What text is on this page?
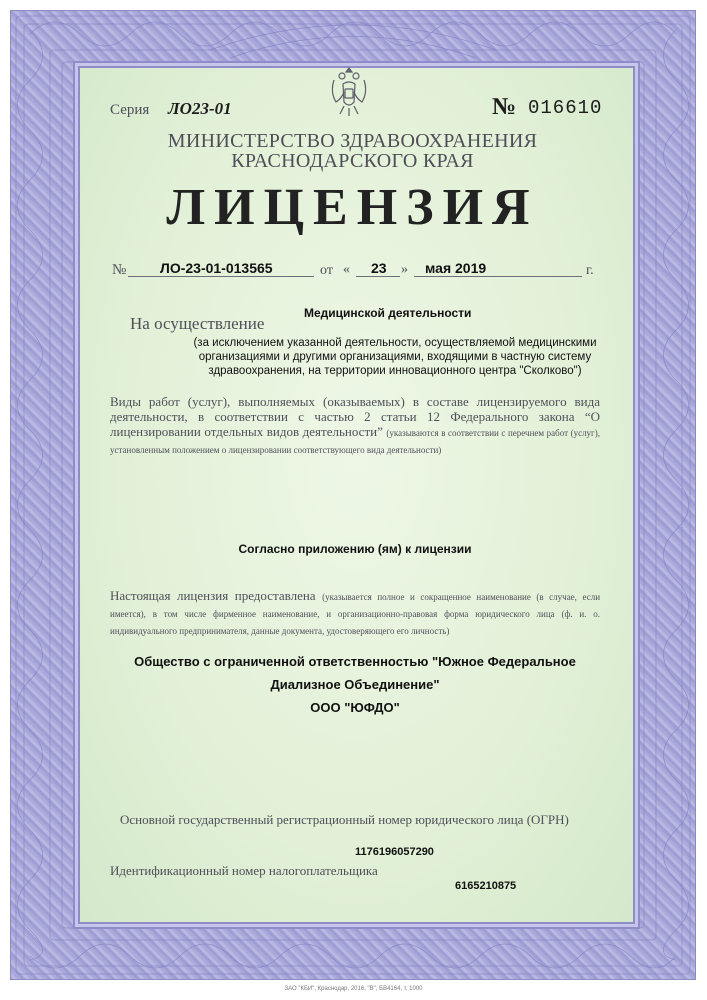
Серия ЛО23-01	№ 016610
МИНИСТЕРСТВО ЗДРАВООХРАНЕНИЯ
КРАСНОДАРСКОГО КРАЯ
ЛИЦЕНЗИЯ
№ ЛО-23-01-013565	от « 23 » мая 2019	г.
Медицинской деятельности
На осуществление
(за исключением указанной деятельности, осуществляемой медицинскими
организациями и другими организациями, входящими в частную систему
здравоохранения, на территории инновационного центра "Сколково")
Виды работ (услуг), выполняемых (оказываемых) в составе лицензируемого вида деятельности, в соответствии с частью 2 статьи 12 Федерального закона “О лицензировании отдельных видов деятельности” (указываются в соответствии с перечнем работ (услуг), установленным положением о лицензировании соответствующего вида деятельности)
Согласно приложению (ям) к лицензии
Настоящая лицензия предоставлена (указывается полное и сокращенное наименование (в случае, если имеется), в том числе фирменное наименование, и организационно-правовая форма юридического лица (ф. и. о. индивидуального предпринимателя, данные документа, удостоверяющего его личность)
Общество с ограниченной ответственностью "Южное Федеральное
Диализное Объединение"
ООО "ЮФДО"
Основной государственный регистрационный номер юридического лица (ОГРН)
1176196057290
Идентификационный номер налогоплательщика
6165210875
ЗАО "КБИ", Краснодар, 2016, "В", БВ4164, т. 1000
